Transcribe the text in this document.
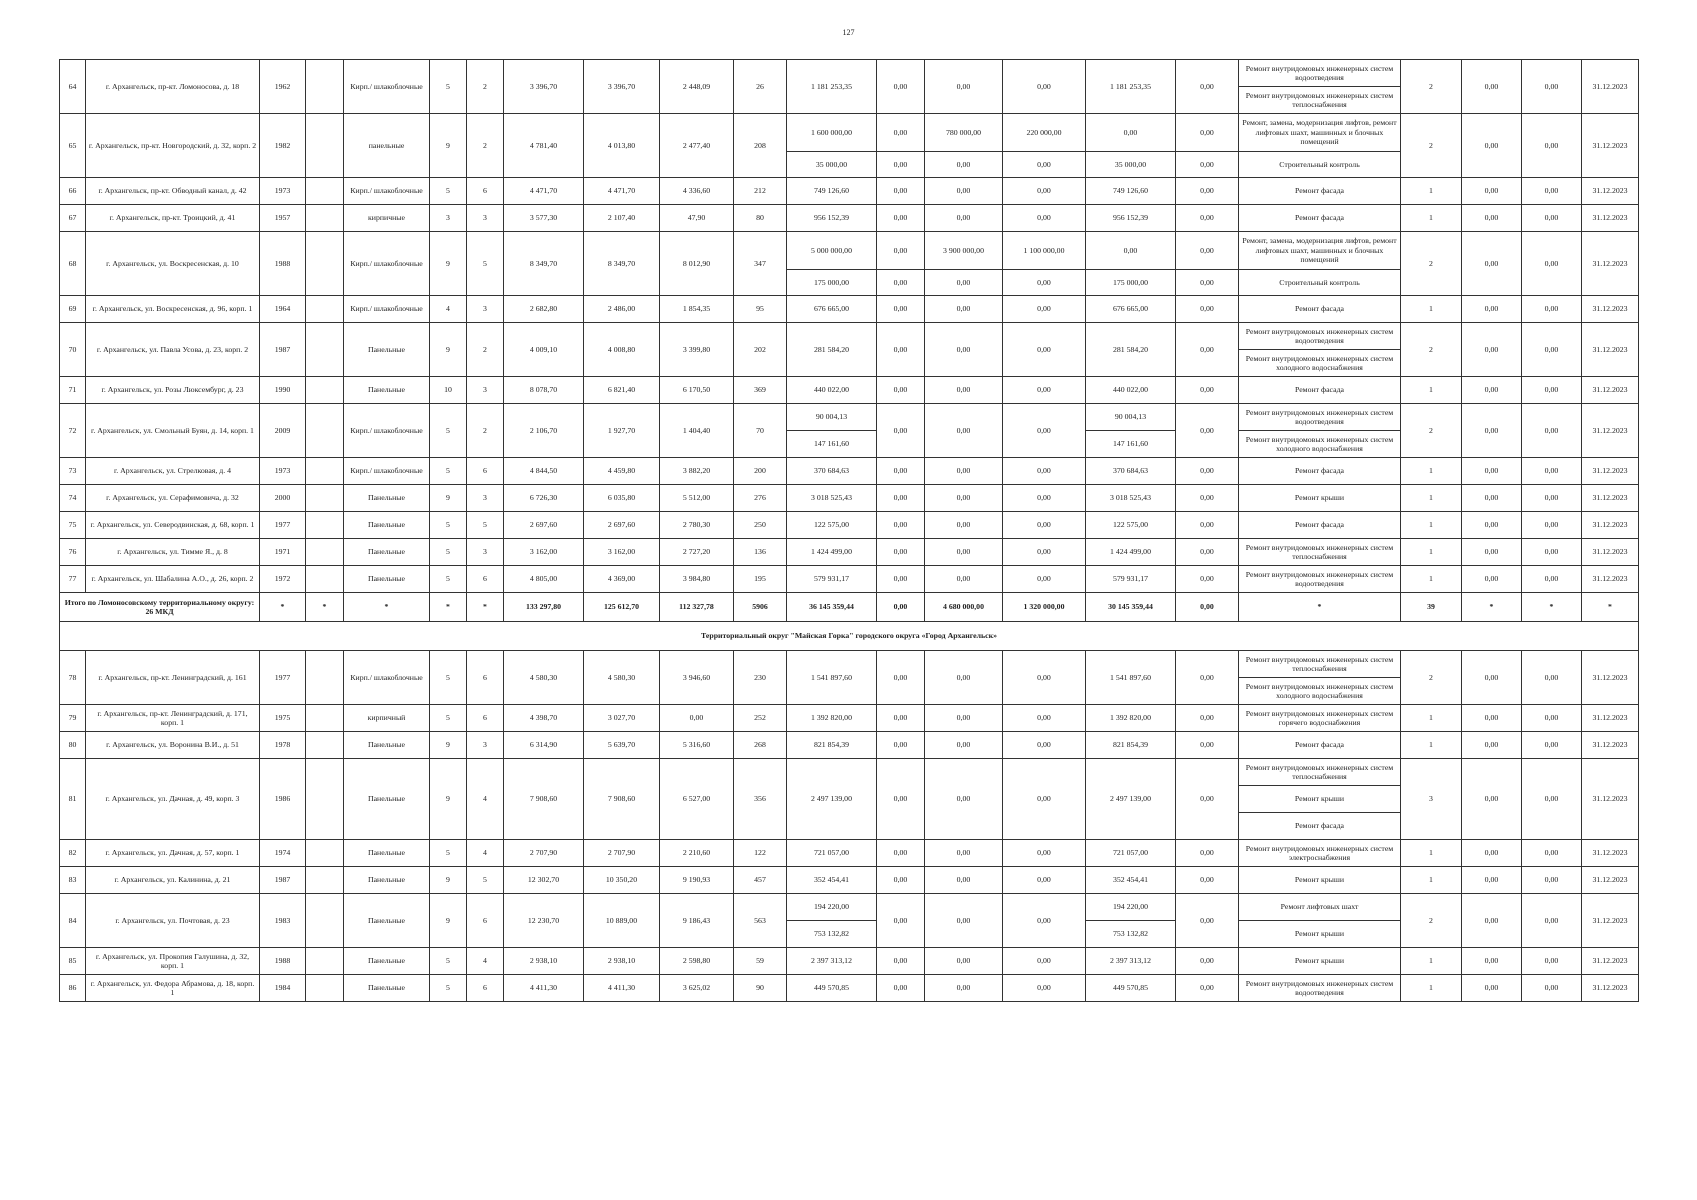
127
64	г. Архангельск, пр-кт. Ломоносова, д. 18	1962		Кирп./ шлакоблочные	5	2	3 396,70	3 396,70	2 448,09	26	1 181 253,35	0,00	0,00	0,00	1 181 253,35	0,00	Ремонт внутридомовых инженерных систем водоотведения	2	0,00	0,00	31.12.2023
																	Ремонт внутридомовых инженерных систем теплоснабжения				
65	г. Архангельск, пр-кт. Новгородский, д. 32, корп. 2	1982		панельные	9	2	4 781,40	4 013,80	2 477,40	208	1 600 000,00	0,00	780 000,00	220 000,00	0,00	0,00	Ремонт, замена, модернизация лифтов, ремонт лифтовых шахт, машинных и блочных помещений	2	0,00	0,00	31.12.2023
											35 000,00	0,00	0,00	0,00	35 000,00	0,00	Строительный контроль				
66	г. Архангельск, пр-кт. Обводный канал, д. 42	1973		Кирп./ шлакоблочные	5	6	4 471,70	4 471,70	4 336,60	212	749 126,60	0,00	0,00	0,00	749 126,60	0,00	Ремонт фасада	1	0,00	0,00	31.12.2023
67	г. Архангельск, пр-кт. Троицкий, д. 41	1957		кирпичные	3	3	3 577,30	2 107,40	47,90	80	956 152,39	0,00	0,00	0,00	956 152,39	0,00	Ремонт фасада	1	0,00	0,00	31.12.2023
68	г. Архангельск, ул. Воскресенская, д. 10	1988		Кирп./ шлакоблочные	9	5	8 349,70	8 349,70	8 012,90	347	5 000 000,00	0,00	3 900 000,00	1 100 000,00	0,00	0,00	Ремонт, замена, модернизация лифтов, ремонт лифтовых шахт, машинных и блочных помещений	2	0,00	0,00	31.12.2023
											175 000,00	0,00	0,00	0,00	175 000,00	0,00	Строительный контроль				
69	г. Архангельск, ул. Воскресенская, д. 96, корп. 1	1964		Кирп./ шлакоблочные	4	3	2 682,80	2 486,00	1 854,35	95	676 665,00	0,00	0,00	0,00	676 665,00	0,00	Ремонт фасада	1	0,00	0,00	31.12.2023
70	г. Архангельск, ул. Павла Усова, д. 23, корп. 2	1987		Панельные	9	2	4 009,10	4 008,80	3 399,80	202	281 584,20	0,00	0,00	0,00	281 584,20	0,00	Ремонт внутридомовых инженерных систем водоотведения	2	0,00	0,00	31.12.2023
																	Ремонт внутридомовых инженерных систем холодного водоснабжения				
71	г. Архангельск, ул. Розы Люксембург, д. 23	1990		Панельные	10	3	8 078,70	6 821,40	6 170,50	369	440 022,00	0,00	0,00	0,00	440 022,00	0,00	Ремонт фасада	1	0,00	0,00	31.12.2023
72	г. Архангельск, ул. Смольный Буян, д. 14, корп. 1	2009		Кирп./ шлакоблочные	5	2	2 106,70	1 927,70	1 404,40	70	90 004,13	0,00	0,00	0,00	90 004,13	0,00	Ремонт внутридомовых инженерных систем водоотведения	2	0,00	0,00	31.12.2023
											147 161,60				147 161,60		Ремонт внутридомовых инженерных систем холодного водоснабжения				
73	г. Архангельск, ул. Стрелковая, д. 4	1973		Кирп./ шлакоблочные	5	6	4 844,50	4 459,80	3 882,20	200	370 684,63	0,00	0,00	0,00	370 684,63	0,00	Ремонт фасада	1	0,00	0,00	31.12.2023
74	г. Архангельск, ул. Серафимовича, д. 32	2000		Панельные	9	3	6 726,30	6 035,80	5 512,00	276	3 018 525,43	0,00	0,00	0,00	3 018 525,43	0,00	Ремонт крыши	1	0,00	0,00	31.12.2023
75	г. Архангельск, ул. Северодвинская, д. 68, корп. 1	1977		Панельные	5	5	2 697,60	2 697,60	2 780,30	250	122 575,00	0,00	0,00	0,00	122 575,00	0,00	Ремонт фасада	1	0,00	0,00	31.12.2023
76	г. Архангельск, ул. Тимме Я., д. 8	1971		Панельные	5	3	3 162,00	3 162,00	2 727,20	136	1 424 499,00	0,00	0,00	0,00	1 424 499,00	0,00	Ремонт внутридомовых инженерных систем теплоснабжения	1	0,00	0,00	31.12.2023
77	г. Архангельск, ул. Шабалина А.О., д. 26, корп. 2	1972		Панельные	5	6	4 805,00	4 369,00	3 984,80	195	579 931,17	0,00	0,00	0,00	579 931,17	0,00	Ремонт внутридомовых инженерных систем водоотведения	1	0,00	0,00	31.12.2023
Итого по Ломоносовскому территориальному округу: 26 МКД		*	*	*	*	*	133 297,80	125 612,70	112 327,78	5906	36 145 359,44	0,00	4 680 000,00	1 320 000,00	30 145 359,44	0,00	*	39	*	*	*
Территориальный округ "Майская Горка" городского округа «Город Архангельск»																					
78	г. Архангельск, пр-кт. Ленинградский, д. 161	1977		Кирп./ шлакоблочные	5	6	4 580,30	4 580,30	3 946,60	230	1 541 897,60	0,00	0,00	0,00	1 541 897,60	0,00	Ремонт внутридомовых инженерных систем теплоснабжения	2	0,00	0,00	31.12.2023
																	Ремонт внутридомовых инженерных систем холодного водоснабжения				
79	г. Архангельск, пр-кт. Ленинградский, д. 171, корп. 1	1975		кирпичный	5	6	4 398,70	3 027,70	0,00	252	1 392 820,00	0,00	0,00	0,00	1 392 820,00	0,00	Ремонт внутридомовых инженерных систем горячего водоснабжения	1	0,00	0,00	31.12.2023
80	г. Архангельск, ул. Воронина В.И., д. 51	1978		Панельные	9	3	6 314,90	5 639,70	5 316,60	268	821 854,39	0,00	0,00	0,00	821 854,39	0,00	Ремонт фасада	1	0,00	0,00	31.12.2023
81	г. Архангельск, ул. Дачная, д. 49, корп. 3	1986		Панельные	9	4	7 908,60	7 908,60	6 527,00	356	2 497 139,00	0,00	0,00	0,00	2 497 139,00	0,00	Ремонт внутридомовых инженерных систем теплоснабжения	3	0,00	0,00	31.12.2023
																	Ремонт крыши				
																	Ремонт фасада				
82	г. Архангельск, ул. Дачная, д. 57, корп. 1	1974		Панельные	5	4	2 707,90	2 707,90	2 210,60	122	721 057,00	0,00	0,00	0,00	721 057,00	0,00	Ремонт внутридомовых инженерных систем электроснабжения	1	0,00	0,00	31.12.2023
83	г. Архангельск, ул. Калинина, д. 21	1987		Панельные	9	5	12 302,70	10 350,20	9 190,93	457	352 454,41	0,00	0,00	0,00	352 454,41	0,00	Ремонт крыши	1	0,00	0,00	31.12.2023
84	г. Архангельск, ул. Почтовая, д. 23	1983		Панельные	9	6	12 230,70	10 889,00	9 186,43	563	194 220,00	0,00	0,00	0,00	194 220,00	0,00	Ремонт лифтовых шахт	2	0,00	0,00	31.12.2023
											753 132,82				753 132,82		Ремонт крыши				
85	г. Архангельск, ул. Прокопия Галушина, д. 32, корп. 1	1988		Панельные	5	4	2 938,10	2 938,10	2 598,80	59	2 397 313,12	0,00	0,00	0,00	2 397 313,12	0,00	Ремонт крыши	1	0,00	0,00	31.12.2023
86	г. Архангельск, ул. Федора Абрамова, д. 18, корп. 1	1984		Панельные	5	6	4 411,30	4 411,30	3 625,02	90	449 570,85	0,00	0,00	0,00	449 570,85	0,00	Ремонт внутридомовых инженерных систем водоотведения	1	0,00	0,00	31.12.2023
